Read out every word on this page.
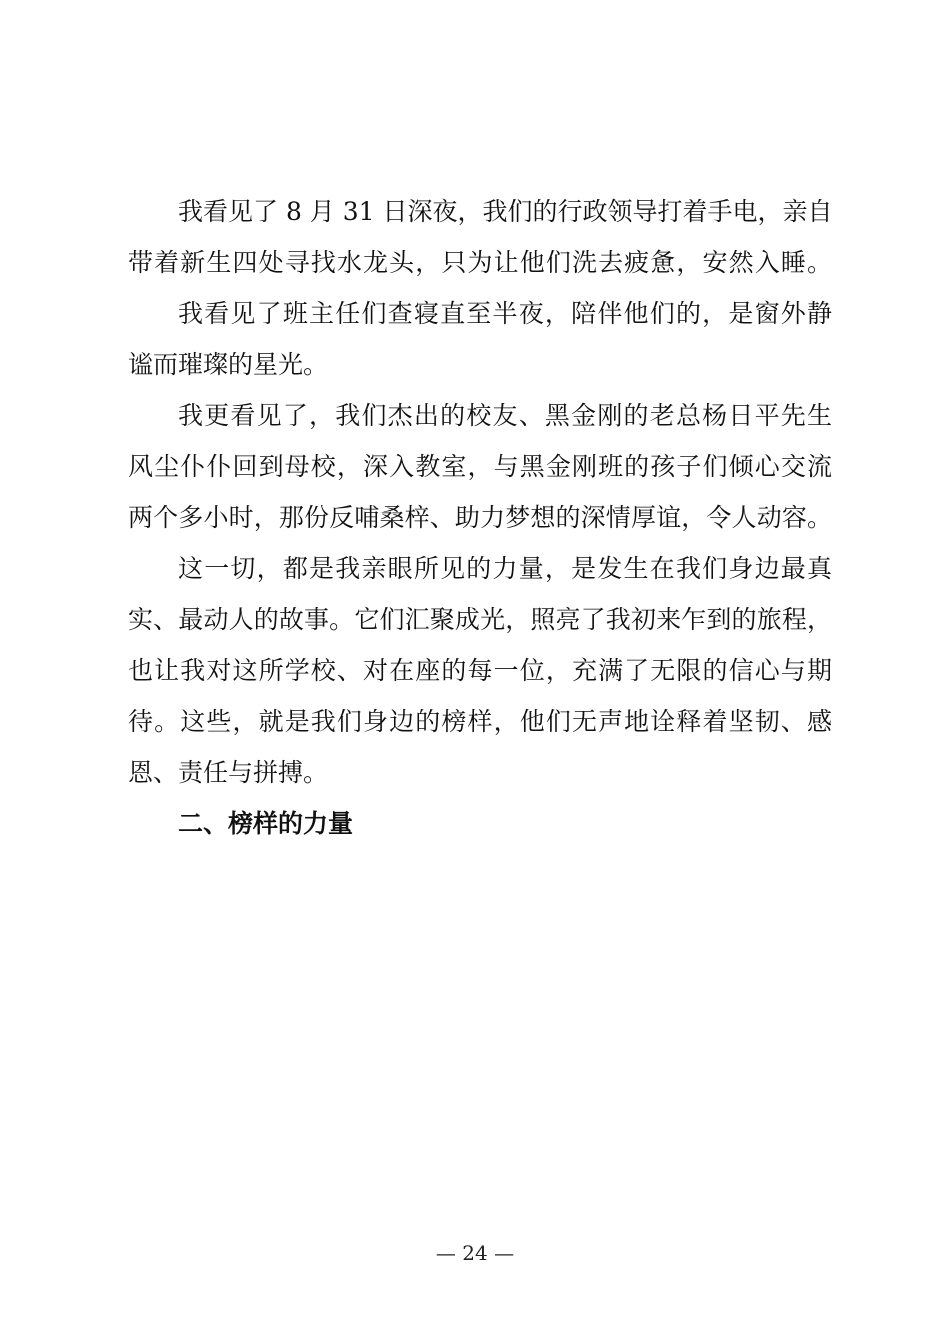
我看见了 8 月 31 日深夜，我们的行政领导打着手电，亲自
带着新生四处寻找水龙头，只为让他们洗去疲惫，安然入睡。
我看见了班主任们查寝直至半夜，陪伴他们的，是窗外静
谧而璀璨的星光。
我更看见了，我们杰出的校友、黑金刚的老总杨日平先生
风尘仆仆回到母校，深入教室，与黑金刚班的孩子们倾心交流
两个多小时，那份反哺桑梓、助力梦想的深情厚谊，令人动容。
这一切，都是我亲眼所见的力量，是发生在我们身边最真
实、最动人的故事。它们汇聚成光，照亮了我初来乍到的旅程，
也让我对这所学校、对在座的每一位，充满了无限的信心与期
待。这些，就是我们身边的榜样，他们无声地诠释着坚韧、感
恩、责任与拼搏。
二、榜样的力量
— 24 —
